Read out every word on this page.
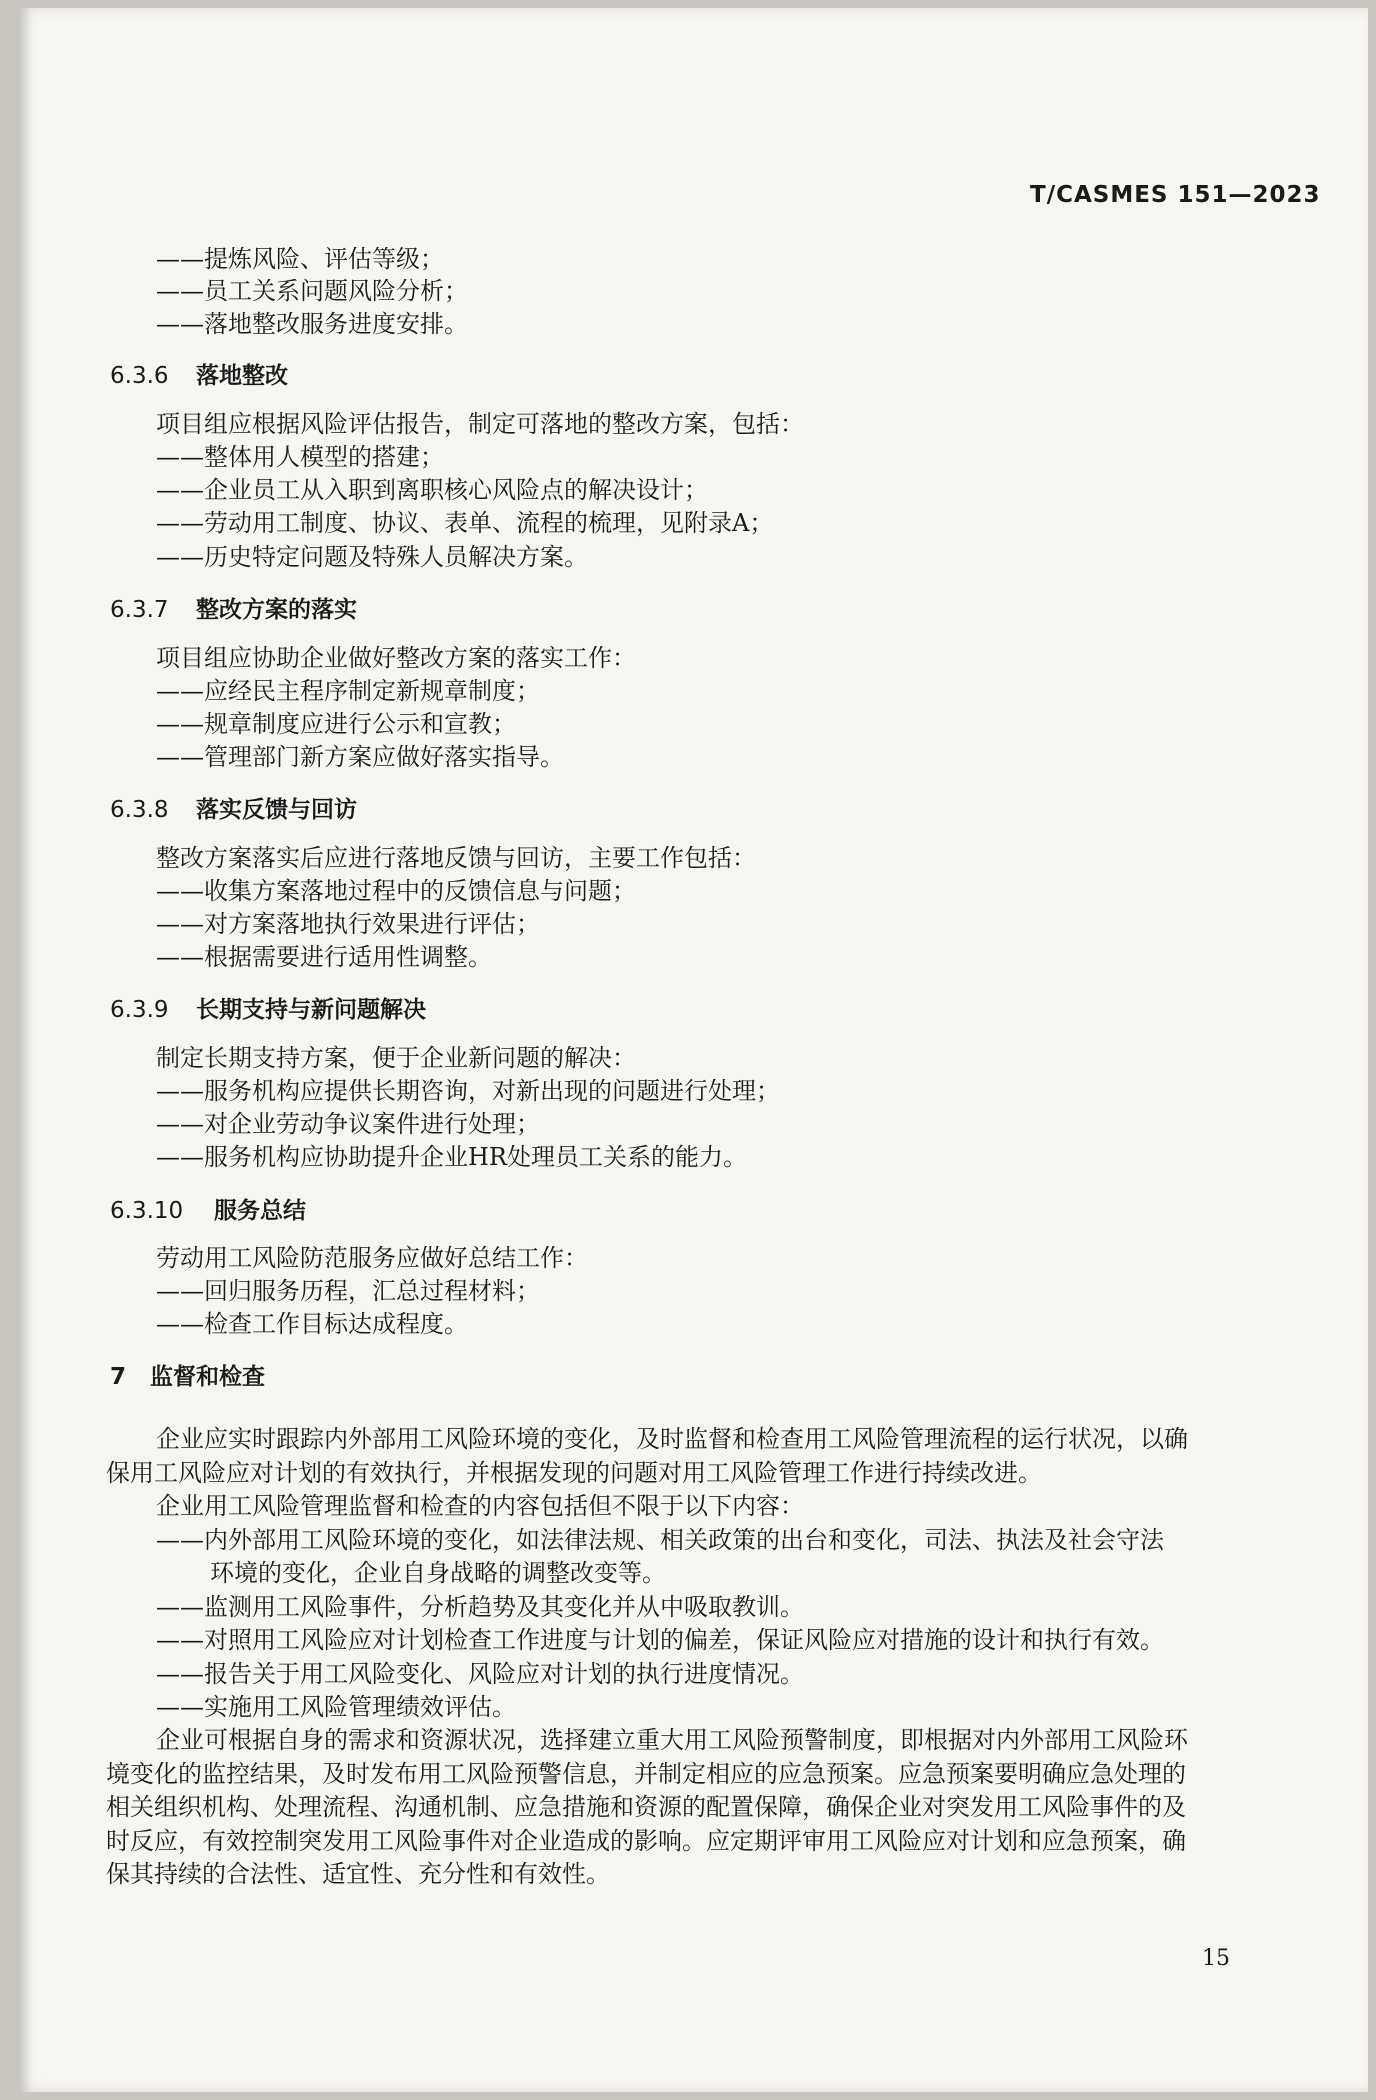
T/CASMES 151—2023
——提炼风险、评估等级；
——员工关系问题风险分析；
——落地整改服务进度安排。
6.3.6 落地整改
项目组应根据风险评估报告，制定可落地的整改方案，包括：
——整体用人模型的搭建；
——企业员工从入职到离职核心风险点的解决设计；
——劳动用工制度、协议、表单、流程的梳理，见附录A；
——历史特定问题及特殊人员解决方案。
6.3.7 整改方案的落实
项目组应协助企业做好整改方案的落实工作：
——应经民主程序制定新规章制度；
——规章制度应进行公示和宣教；
——管理部门新方案应做好落实指导。
6.3.8 落实反馈与回访
整改方案落实后应进行落地反馈与回访，主要工作包括：
——收集方案落地过程中的反馈信息与问题；
——对方案落地执行效果进行评估；
——根据需要进行适用性调整。
6.3.9 长期支持与新问题解决
制定长期支持方案，便于企业新问题的解决：
——服务机构应提供长期咨询，对新出现的问题进行处理；
——对企业劳动争议案件进行处理；
——服务机构应协助提升企业HR处理员工关系的能力。
6.3.10 服务总结
劳动用工风险防范服务应做好总结工作：
——回归服务历程，汇总过程材料；
——检查工作目标达成程度。
7 监督和检查
企业应实时跟踪内外部用工风险环境的变化，及时监督和检查用工风险管理流程的运行状况，以确
保用工风险应对计划的有效执行，并根据发现的问题对用工风险管理工作进行持续改进。
企业用工风险管理监督和检查的内容包括但不限于以下内容：
——内外部用工风险环境的变化，如法律法规、相关政策的出台和变化，司法、执法及社会守法
环境的变化，企业自身战略的调整改变等。
——监测用工风险事件，分析趋势及其变化并从中吸取教训。
——对照用工风险应对计划检查工作进度与计划的偏差，保证风险应对措施的设计和执行有效。
——报告关于用工风险变化、风险应对计划的执行进度情况。
——实施用工风险管理绩效评估。
企业可根据自身的需求和资源状况，选择建立重大用工风险预警制度，即根据对内外部用工风险环
境变化的监控结果，及时发布用工风险预警信息，并制定相应的应急预案。应急预案要明确应急处理的
相关组织机构、处理流程、沟通机制、应急措施和资源的配置保障，确保企业对突发用工风险事件的及
时反应，有效控制突发用工风险事件对企业造成的影响。应定期评审用工风险应对计划和应急预案，确
保其持续的合法性、适宜性、充分性和有效性。
15
